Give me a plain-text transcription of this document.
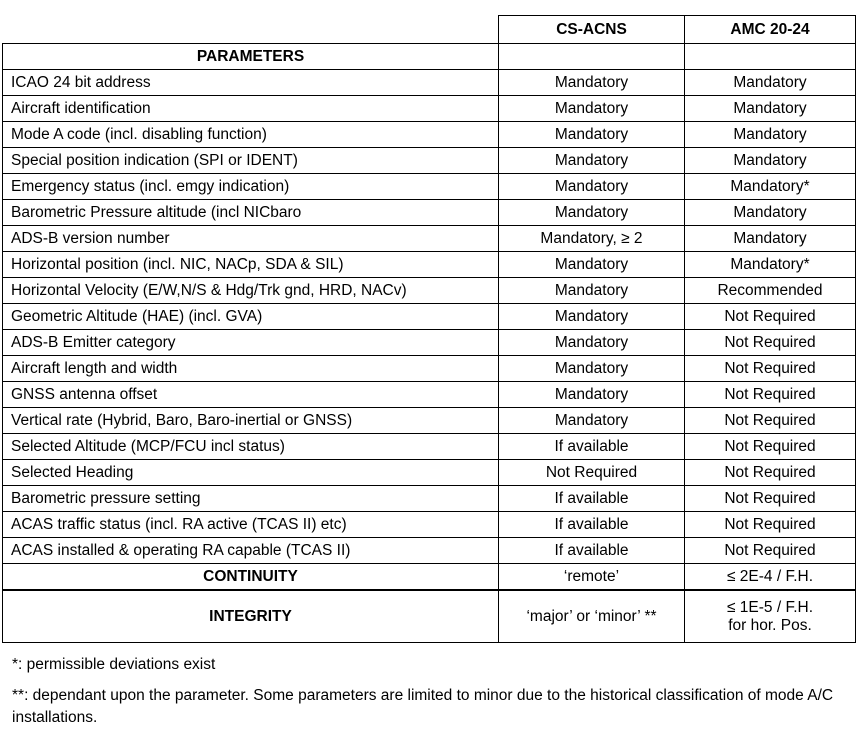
	CS-ACNS	AMC 20-24
PARAMETERS		
ICAO 24 bit address	Mandatory	Mandatory
Aircraft identification	Mandatory	Mandatory
Mode A code (incl. disabling function)	Mandatory	Mandatory
Special position indication (SPI or IDENT)	Mandatory	Mandatory
Emergency status (incl. emgy indication)	Mandatory	Mandatory*
Barometric Pressure altitude (incl NICbaro	Mandatory	Mandatory
ADS-B version number	Mandatory, ≥ 2	Mandatory
Horizontal position (incl. NIC, NACp, SDA & SIL)	Mandatory	Mandatory*
Horizontal Velocity (E/W,N/S & Hdg/Trk gnd, HRD, NACv)	Mandatory	Recommended
Geometric Altitude (HAE) (incl. GVA)	Mandatory	Not Required
ADS-B Emitter category	Mandatory	Not Required
Aircraft length and width	Mandatory	Not Required
GNSS antenna offset	Mandatory	Not Required
Vertical rate (Hybrid, Baro, Baro-inertial or GNSS)	Mandatory	Not Required
Selected Altitude (MCP/FCU incl status)	If available	Not Required
Selected Heading	Not Required	Not Required
Barometric pressure setting	If available	Not Required
ACAS traffic status (incl. RA active (TCAS II) etc)	If available	Not Required
ACAS installed & operating RA capable (TCAS II)	If available	Not Required
CONTINUITY	‘remote’	≤ 2E-4 / F.H.
INTEGRITY	‘major’ or ‘minor’ **	≤ 1E-5 / F.H.
for hor. Pos.

*: permissible deviations exist

**: dependant upon the parameter. Some parameters are limited to minor due to the historical classification of mode A/C installations.
